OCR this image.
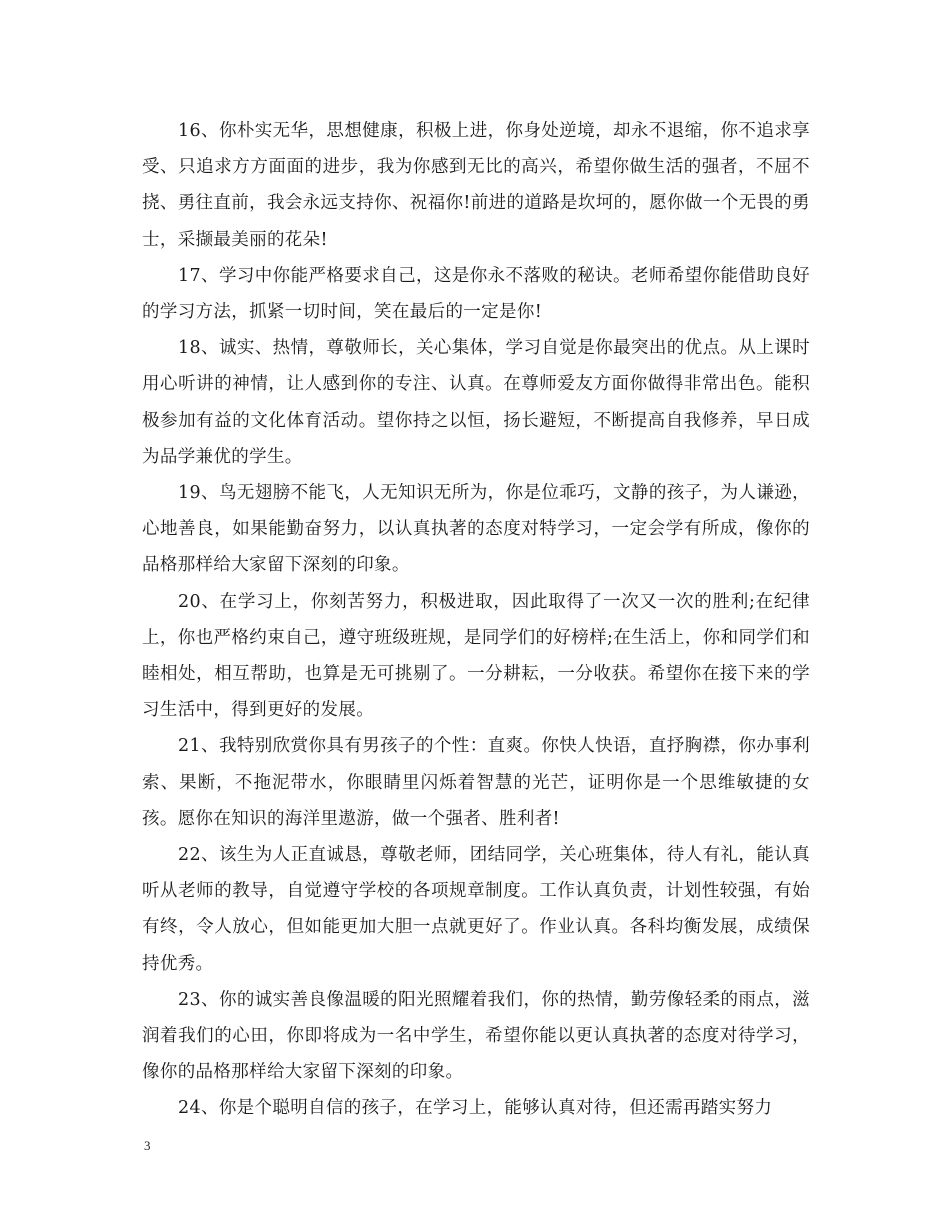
16、你朴实无华，思想健康，积极上进，你身处逆境，却永不退缩，你不追求享受、只追求方方面面的进步，我为你感到无比的高兴，希望你做生活的强者，不屈不挠、勇往直前，我会永远支持你、祝福你!前进的道路是坎坷的，愿你做一个无畏的勇士，采撷最美丽的花朵!

17、学习中你能严格要求自己，这是你永不落败的秘诀。老师希望你能借助良好的学习方法，抓紧一切时间，笑在最后的一定是你!

18、诚实、热情，尊敬师长，关心集体，学习自觉是你最突出的优点。从上课时用心听讲的神情，让人感到你的专注、认真。在尊师爱友方面你做得非常出色。能积极参加有益的文化体育活动。望你持之以恒，扬长避短，不断提高自我修养，早日成为品学兼优的学生。

19、鸟无翅膀不能飞，人无知识无所为，你是位乖巧，文静的孩子，为人谦逊，心地善良，如果能勤奋努力，以认真执著的态度对特学习，一定会学有所成，像你的品格那样给大家留下深刻的印象。

20、在学习上，你刻苦努力，积极进取，因此取得了一次又一次的胜利;在纪律上，你也严格约束自己，遵守班级班规，是同学们的好榜样;在生活上，你和同学们和睦相处，相互帮助，也算是无可挑剔了。一分耕耘，一分收获。希望你在接下来的学习生活中，得到更好的发展。

21、我特别欣赏你具有男孩子的个性：直爽。你快人快语，直抒胸襟，你办事利索、果断，不拖泥带水，你眼睛里闪烁着智慧的光芒，证明你是一个思维敏捷的女孩。愿你在知识的海洋里遨游，做一个强者、胜利者!

22、该生为人正直诚恳，尊敬老师，团结同学，关心班集体，待人有礼，能认真听从老师的教导，自觉遵守学校的各项规章制度。工作认真负责，计划性较强，有始有终，令人放心，但如能更加大胆一点就更好了。作业认真。各科均衡发展，成绩保持优秀。

23、你的诚实善良像温暖的阳光照耀着我们，你的热情，勤劳像轻柔的雨点，滋润着我们的心田，你即将成为一名中学生，希望你能以更认真执著的态度对待学习，像你的品格那样给大家留下深刻的印象。

24、你是个聪明自信的孩子，在学习上，能够认真对待，但还需再踏实努力

3
